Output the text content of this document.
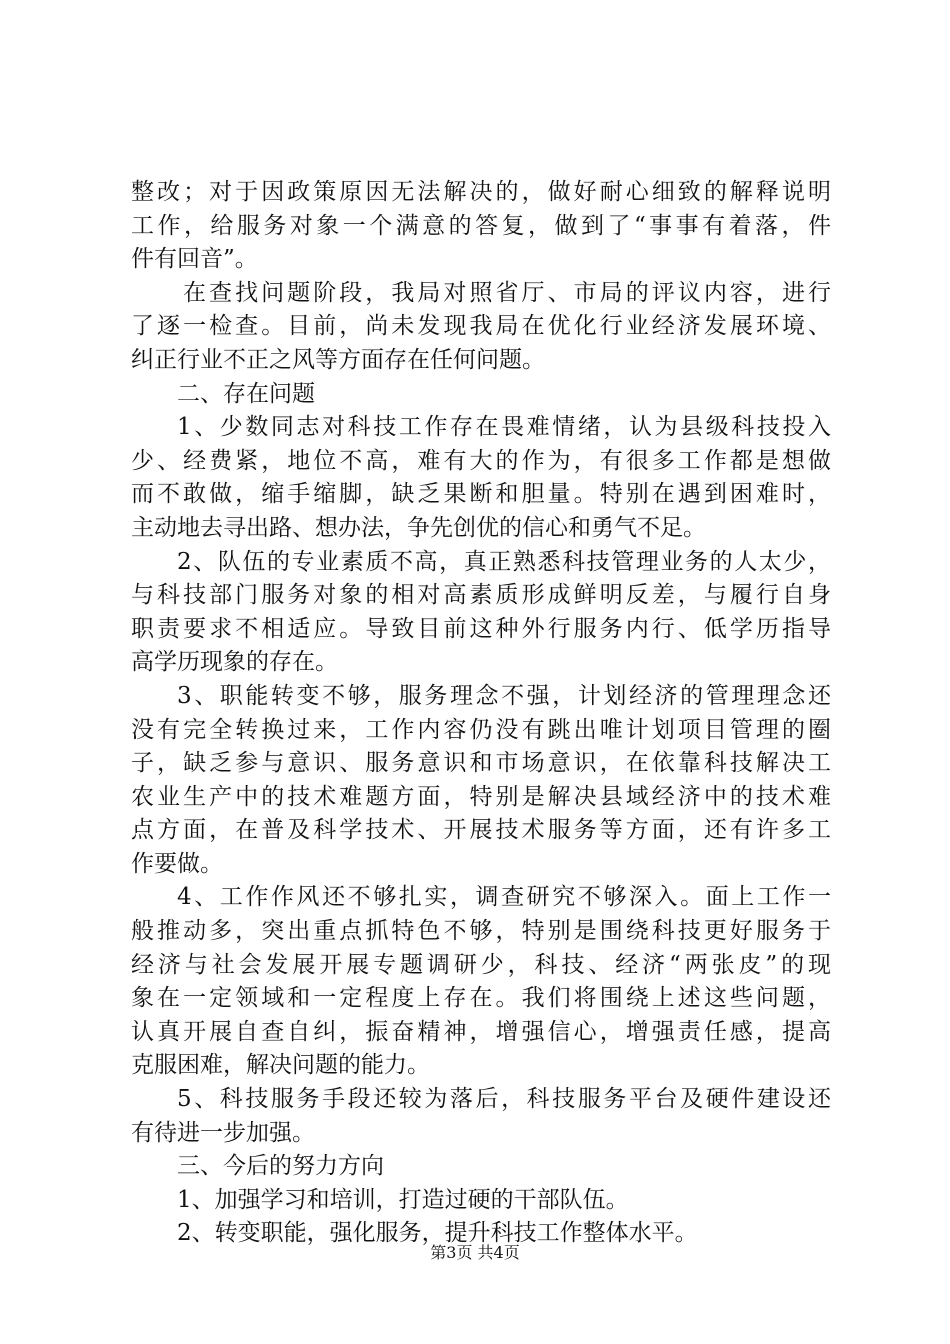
整改；对于因政策原因无法解决的，做好耐心细致的解释说明
工作，给服务对象一个满意的答复，做到了“事事有着落，件
件有回音”。
在查找问题阶段，我局对照省厅、市局的评议内容，进行
了逐一检查。目前，尚未发现我局在优化行业经济发展环境、
纠正行业不正之风等方面存在任何问题。
二、存在问题
1、少数同志对科技工作存在畏难情绪，认为县级科技投入
少、经费紧，地位不高，难有大的作为，有很多工作都是想做
而不敢做，缩手缩脚，缺乏果断和胆量。特别在遇到困难时，
主动地去寻出路、想办法，争先创优的信心和勇气不足。
2、队伍的专业素质不高，真正熟悉科技管理业务的人太少，
与科技部门服务对象的相对高素质形成鲜明反差，与履行自身
职责要求不相适应。导致目前这种外行服务内行、低学历指导
高学历现象的存在。
3、职能转变不够，服务理念不强，计划经济的管理理念还
没有完全转换过来，工作内容仍没有跳出唯计划项目管理的圈
子，缺乏参与意识、服务意识和市场意识，在依靠科技解决工
农业生产中的技术难题方面，特别是解决县域经济中的技术难
点方面，在普及科学技术、开展技术服务等方面，还有许多工
作要做。
4、工作作风还不够扎实，调查研究不够深入。面上工作一
般推动多，突出重点抓特色不够，特别是围绕科技更好服务于
经济与社会发展开展专题调研少，科技、经济“两张皮”的现
象在一定领域和一定程度上存在。我们将围绕上述这些问题，
认真开展自查自纠，振奋精神，增强信心，增强责任感，提高
克服困难，解决问题的能力。
5、科技服务手段还较为落后，科技服务平台及硬件建设还
有待进一步加强。
三、今后的努力方向
1、加强学习和培训，打造过硬的干部队伍。
2、转变职能，强化服务，提升科技工作整体水平。
第3页 共4页
